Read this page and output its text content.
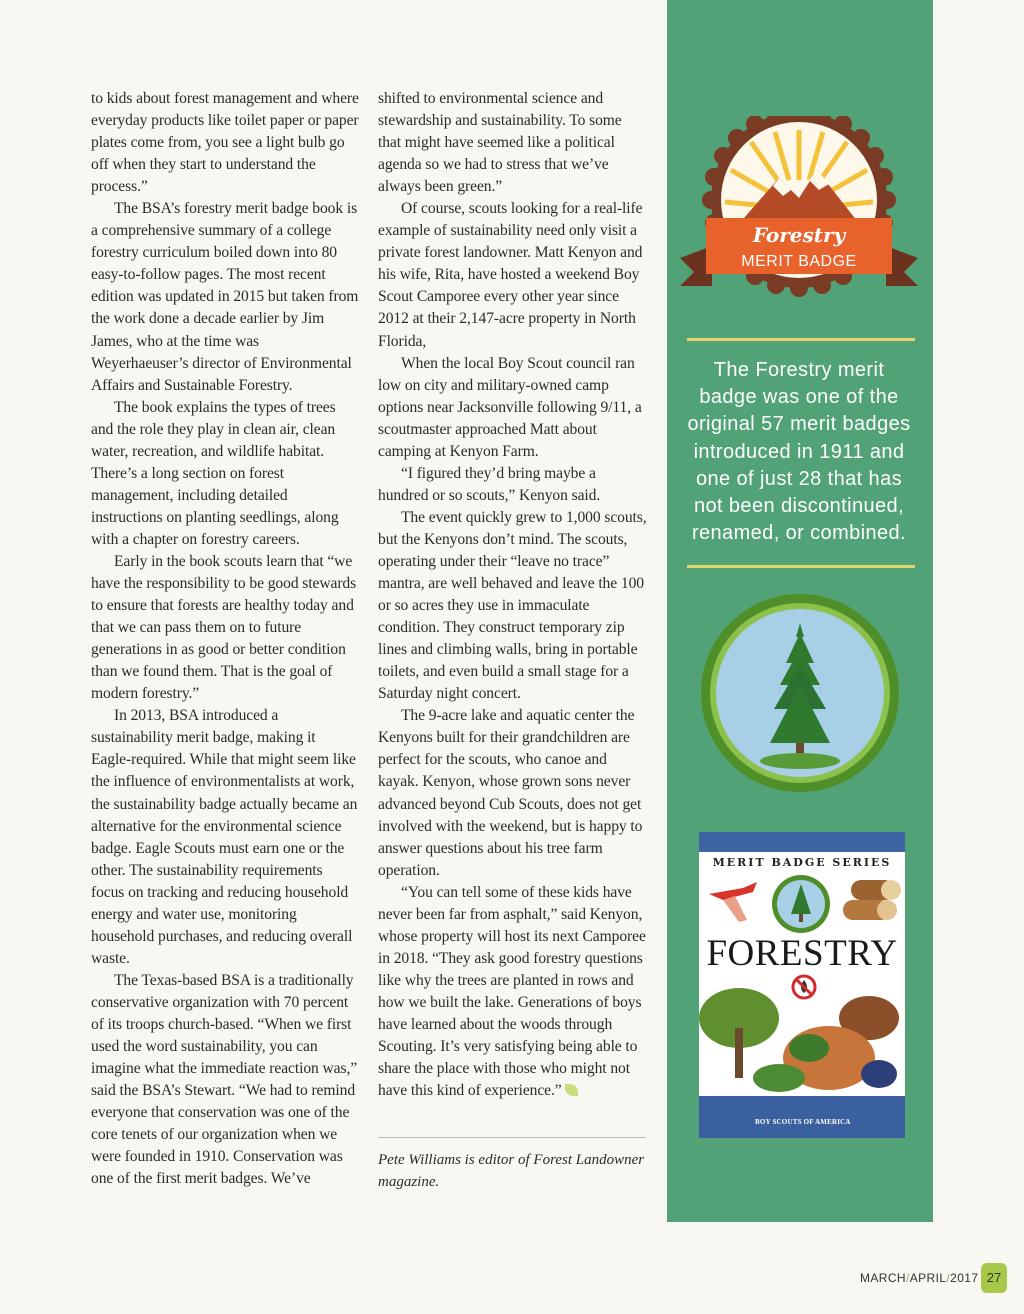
to kids about forest management and where everyday products like toilet paper or paper plates come from, you see a light bulb go off when they start to understand the process.”

The BSA’s forestry merit badge book is a comprehensive summary of a college forestry curriculum boiled down into 80 easy-to-follow pages. The most recent edition was updated in 2015 but taken from the work done a decade earlier by Jim James, who at the time was Weyerhaeuser’s director of Environmental Affairs and Sustainable Forestry.

The book explains the types of trees and the role they play in clean air, clean water, recreation, and wildlife habitat. There’s a long section on forest management, including detailed instructions on planting seedlings, along with a chapter on forestry careers.

Early in the book scouts learn that “we have the responsibility to be good stewards to ensure that forests are healthy today and that we can pass them on to future generations in as good or better condition than we found them. That is the goal of modern forestry.”

In 2013, BSA introduced a sustainability merit badge, making it Eagle-required. While that might seem like the influence of environmentalists at work, the sustainability badge actually became an alternative for the environmental science badge. Eagle Scouts must earn one or the other. The sustainability requirements focus on tracking and reducing household energy and water use, monitoring household purchases, and reducing overall waste.

The Texas-based BSA is a traditionally conservative organization with 70 percent of its troops church-based. “When we first used the word sustainability, you can imagine what the immediate reaction was,” said the BSA’s Stewart. “We had to remind everyone that conservation was one of the core tenets of our organization when we were founded in 1910. Conservation was one of the first merit badges. We’ve

shifted to environmental science and stewardship and sustainability. To some that might have seemed like a political agenda so we had to stress that we’ve always been green.”

Of course, scouts looking for a real-life example of sustainability need only visit a private forest landowner. Matt Kenyon and his wife, Rita, have hosted a weekend Boy Scout Camporee every other year since 2012 at their 2,147-acre property in North Florida,

When the local Boy Scout council ran low on city and military-owned camp options near Jacksonville following 9/11, a scoutmaster approached Matt about camping at Kenyon Farm.

“I figured they’d bring maybe a hundred or so scouts,” Kenyon said.

The event quickly grew to 1,000 scouts, but the Kenyons don’t mind. The scouts, operating under their “leave no trace” mantra, are well behaved and leave the 100 or so acres they use in immaculate condition. They construct temporary zip lines and climbing walls, bring in portable toilets, and even build a small stage for a Saturday night concert.

The 9-acre lake and aquatic center the Kenyons built for their grandchildren are perfect for the scouts, who canoe and kayak. Kenyon, whose grown sons never advanced beyond Cub Scouts, does not get involved with the weekend, but is happy to answer questions about his tree farm operation.

“You can tell some of these kids have never been far from asphalt,” said Kenyon, whose property will host its next Camporee in 2018. “They ask good forestry questions like why the trees are planted in rows and how we built the lake. Generations of boys have learned about the woods through Scouting. It’s very satisfying being able to share the place with those who might not have this kind of experience.”

Pete Williams is editor of Forest Landowner magazine.
Forestry
MERIT BADGE
The Forestry merit badge was one of the original 57 merit badges introduced in 1911 and one of just 28 that has not been discontinued, renamed, or combined.
MERIT BADGE SERIES
FORESTRY
BOY SCOUTS OF AMERICA
MARCH/APRIL/2017 27
